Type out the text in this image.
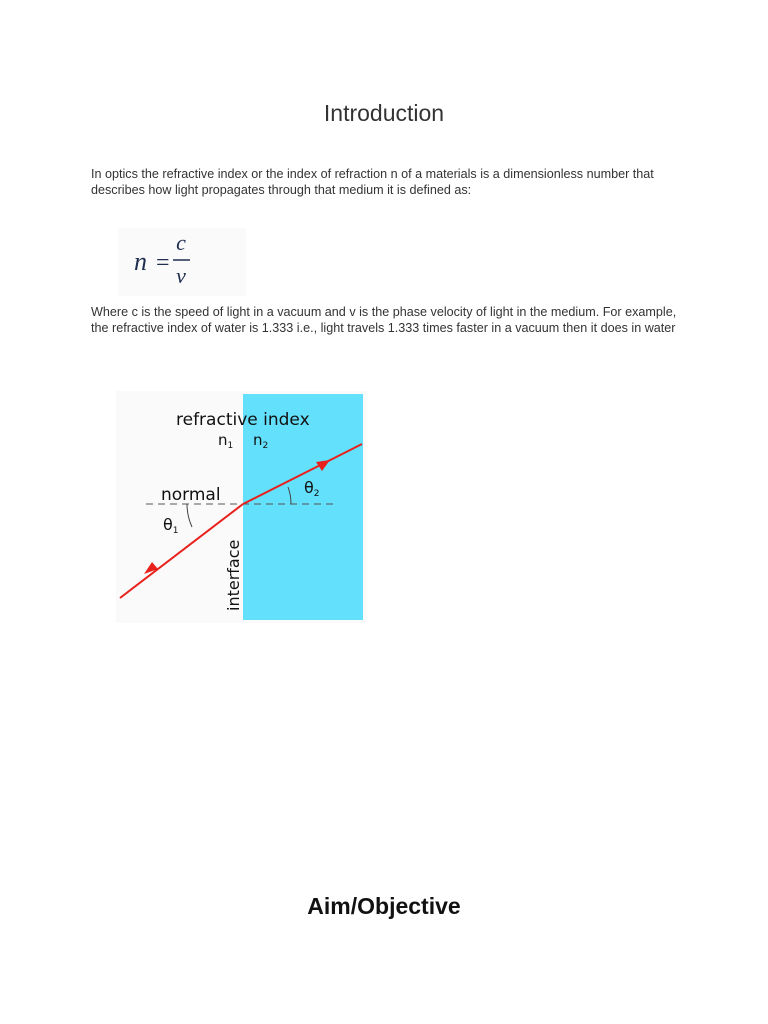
Introduction
In optics the refractive index or the index of refraction n of a materials is a dimensionless number that describes how light propagates through that medium it is defined as:
n =
c
v
Where c is the speed of light in a vacuum and v is the phase velocity of light in the medium. For example, the refractive index of water is 1.333 i.e., light travels 1.333 times faster in a vacuum then it does in water
refractive index
$n_1$ $n_2$
normal
θ1
θ2
interface
Aim/Objective
